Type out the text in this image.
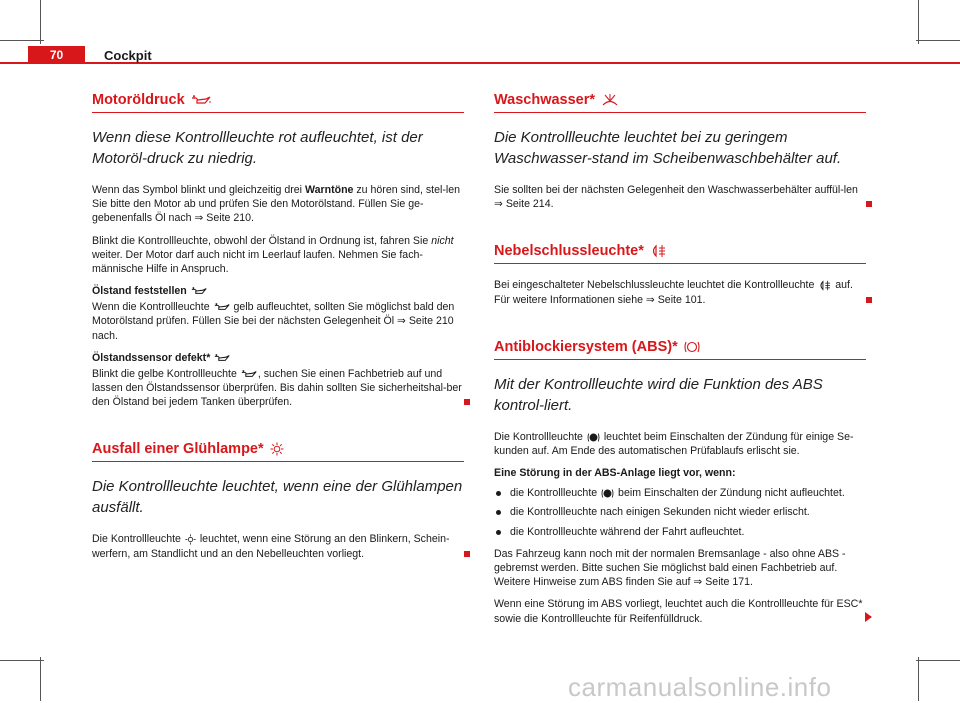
70	Cockpit
Motoröldruck

Wenn diese Kontrollleuchte rot aufleuchtet, ist der Motoröl-druck zu niedrig.

Wenn das Symbol blinkt und gleichzeitig drei Warntöne zu hören sind, stel-len Sie bitte den Motor ab und prüfen Sie den Motorölstand. Füllen Sie ge-gebenenfalls Öl nach ⇒ Seite 210.

Blinkt die Kontrollleuchte, obwohl der Ölstand in Ordnung ist, fahren Sie nicht weiter. Der Motor darf auch nicht im Leerlauf laufen. Nehmen Sie fach-männische Hilfe in Anspruch.

Ölstand feststellen

Wenn die Kontrollleuchte  gelb aufleuchtet, sollten Sie möglichst bald den Motorölstand prüfen. Füllen Sie bei der nächsten Gelegenheit Öl ⇒ Seite 210 nach.

Ölstandssensor defekt*

Blinkt die gelbe Kontrollleuchte , suchen Sie einen Fachbetrieb auf und lassen den Ölstandssensor überprüfen. Bis dahin sollten Sie sicherheitshal-ber den Ölstand bei jedem Tanken überprüfen.

Ausfall einer Glühlampe*

Die Kontrollleuchte leuchtet, wenn eine der Glühlampen ausfällt.

Die Kontrollleuchte  leuchtet, wenn eine Störung an den Blinkern, Schein-werfern, am Standlicht und an den Nebelleuchten vorliegt.

Waschwasser*

Die Kontrollleuchte leuchtet bei zu geringem Waschwasser-stand im Scheibenwaschbehälter auf.

Sie sollten bei der nächsten Gelegenheit den Waschwasserbehälter auffül-len ⇒ Seite 214.

Nebelschlussleuchte*

Bei eingeschalteter Nebelschlussleuchte leuchtet die Kontrollleuchte  auf. Für weitere Informationen siehe ⇒ Seite 101.

Antiblockiersystem (ABS)*

Mit der Kontrollleuchte wird die Funktion des ABS kontrol-liert.

Die Kontrollleuchte  leuchtet beim Einschalten der Zündung für einige Se-kunden auf. Am Ende des automatischen Prüfablaufs erlischt sie.

Eine Störung in der ABS-Anlage liegt vor, wenn:
die Kontrollleuchte  beim Einschalten der Zündung nicht aufleuchtet.
die Kontrollleuchte nach einigen Sekunden nicht wieder erlischt.
die Kontrollleuchte während der Fahrt aufleuchtet.

Das Fahrzeug kann noch mit der normalen Bremsanlage - also ohne ABS - gebremst werden. Bitte suchen Sie möglichst bald einen Fachbetrieb auf. Weitere Hinweise zum ABS finden Sie auf ⇒ Seite 171.

Wenn eine Störung im ABS vorliegt, leuchtet auch die Kontrollleuchte für ESC* sowie die Kontrollleuchte für Reifenfülldruck.

carmanualsonline.info
